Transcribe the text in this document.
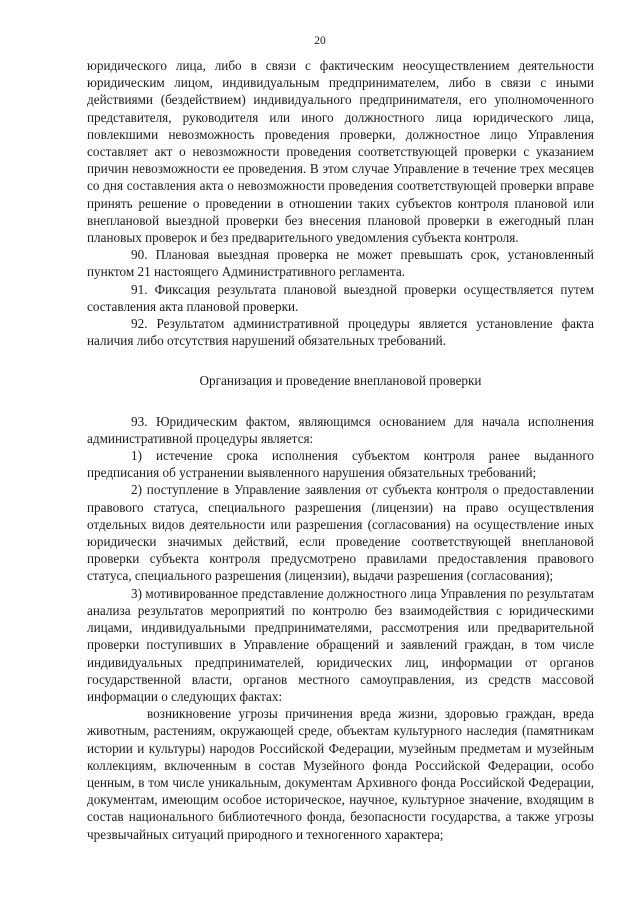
20

юридического лица, либо в связи с фактическим неосуществлением деятельности юридическим лицом, индивидуальным предпринимателем, либо в связи с иными действиями (бездействием) индивидуального предпринимателя, его уполномоченного представителя, руководителя или иного должностного лица юридического лица, повлекшими невозможность проведения проверки, должностное лицо Управления составляет акт о невозможности проведения соответствующей проверки с указанием причин невозможности ее проведения. В этом случае Управление в течение трех месяцев со дня составления акта о невозможности проведения соответствующей проверки вправе принять решение о проведении в отношении таких субъектов контроля плановой или внеплановой выездной проверки без внесения плановой проверки в ежегодный план плановых проверок и без предварительного уведомления субъекта контроля.

90. Плановая выездная проверка не может превышать срок, установленный пунктом 21 настоящего Административного регламента.

91. Фиксация результата плановой выездной проверки осуществляется путем составления акта плановой проверки.

92. Результатом административной процедуры является установление факта наличия либо отсутствия нарушений обязательных требований.

Организация и проведение внеплановой проверки

93. Юридическим фактом, являющимся основанием для начала исполнения административной процедуры является:

1) истечение срока исполнения субъектом контроля ранее выданного предписания об устранении выявленного нарушения обязательных требований;

2) поступление в Управление заявления от субъекта контроля о предоставлении правового статуса, специального разрешения (лицензии) на право осуществления отдельных видов деятельности или разрешения (согласования) на осуществление иных юридически значимых действий, если проведение соответствующей внеплановой проверки субъекта контроля предусмотрено правилами предоставления правового статуса, специального разрешения (лицензии), выдачи разрешения (согласования);

3) мотивированное представление должностного лица Управления по результатам анализа результатов мероприятий по контролю без взаимодействия с юридическими лицами, индивидуальными предпринимателями, рассмотрения или предварительной проверки поступивших в Управление обращений и заявлений граждан, в том числе индивидуальных предпринимателей, юридических лиц, информации от органов государственной власти, органов местного самоуправления, из средств массовой информации о следующих фактах:

возникновение угрозы причинения вреда жизни, здоровью граждан, вреда животным, растениям, окружающей среде, объектам культурного наследия (памятникам истории и культуры) народов Российской Федерации, музейным предметам и музейным коллекциям, включенным в состав Музейного фонда Российской Федерации, особо ценным, в том числе уникальным, документам Архивного фонда Российской Федерации, документам, имеющим особое историческое, научное, культурное значение, входящим в состав национального библиотечного фонда, безопасности государства, а также угрозы чрезвычайных ситуаций природного и техногенного характера;
